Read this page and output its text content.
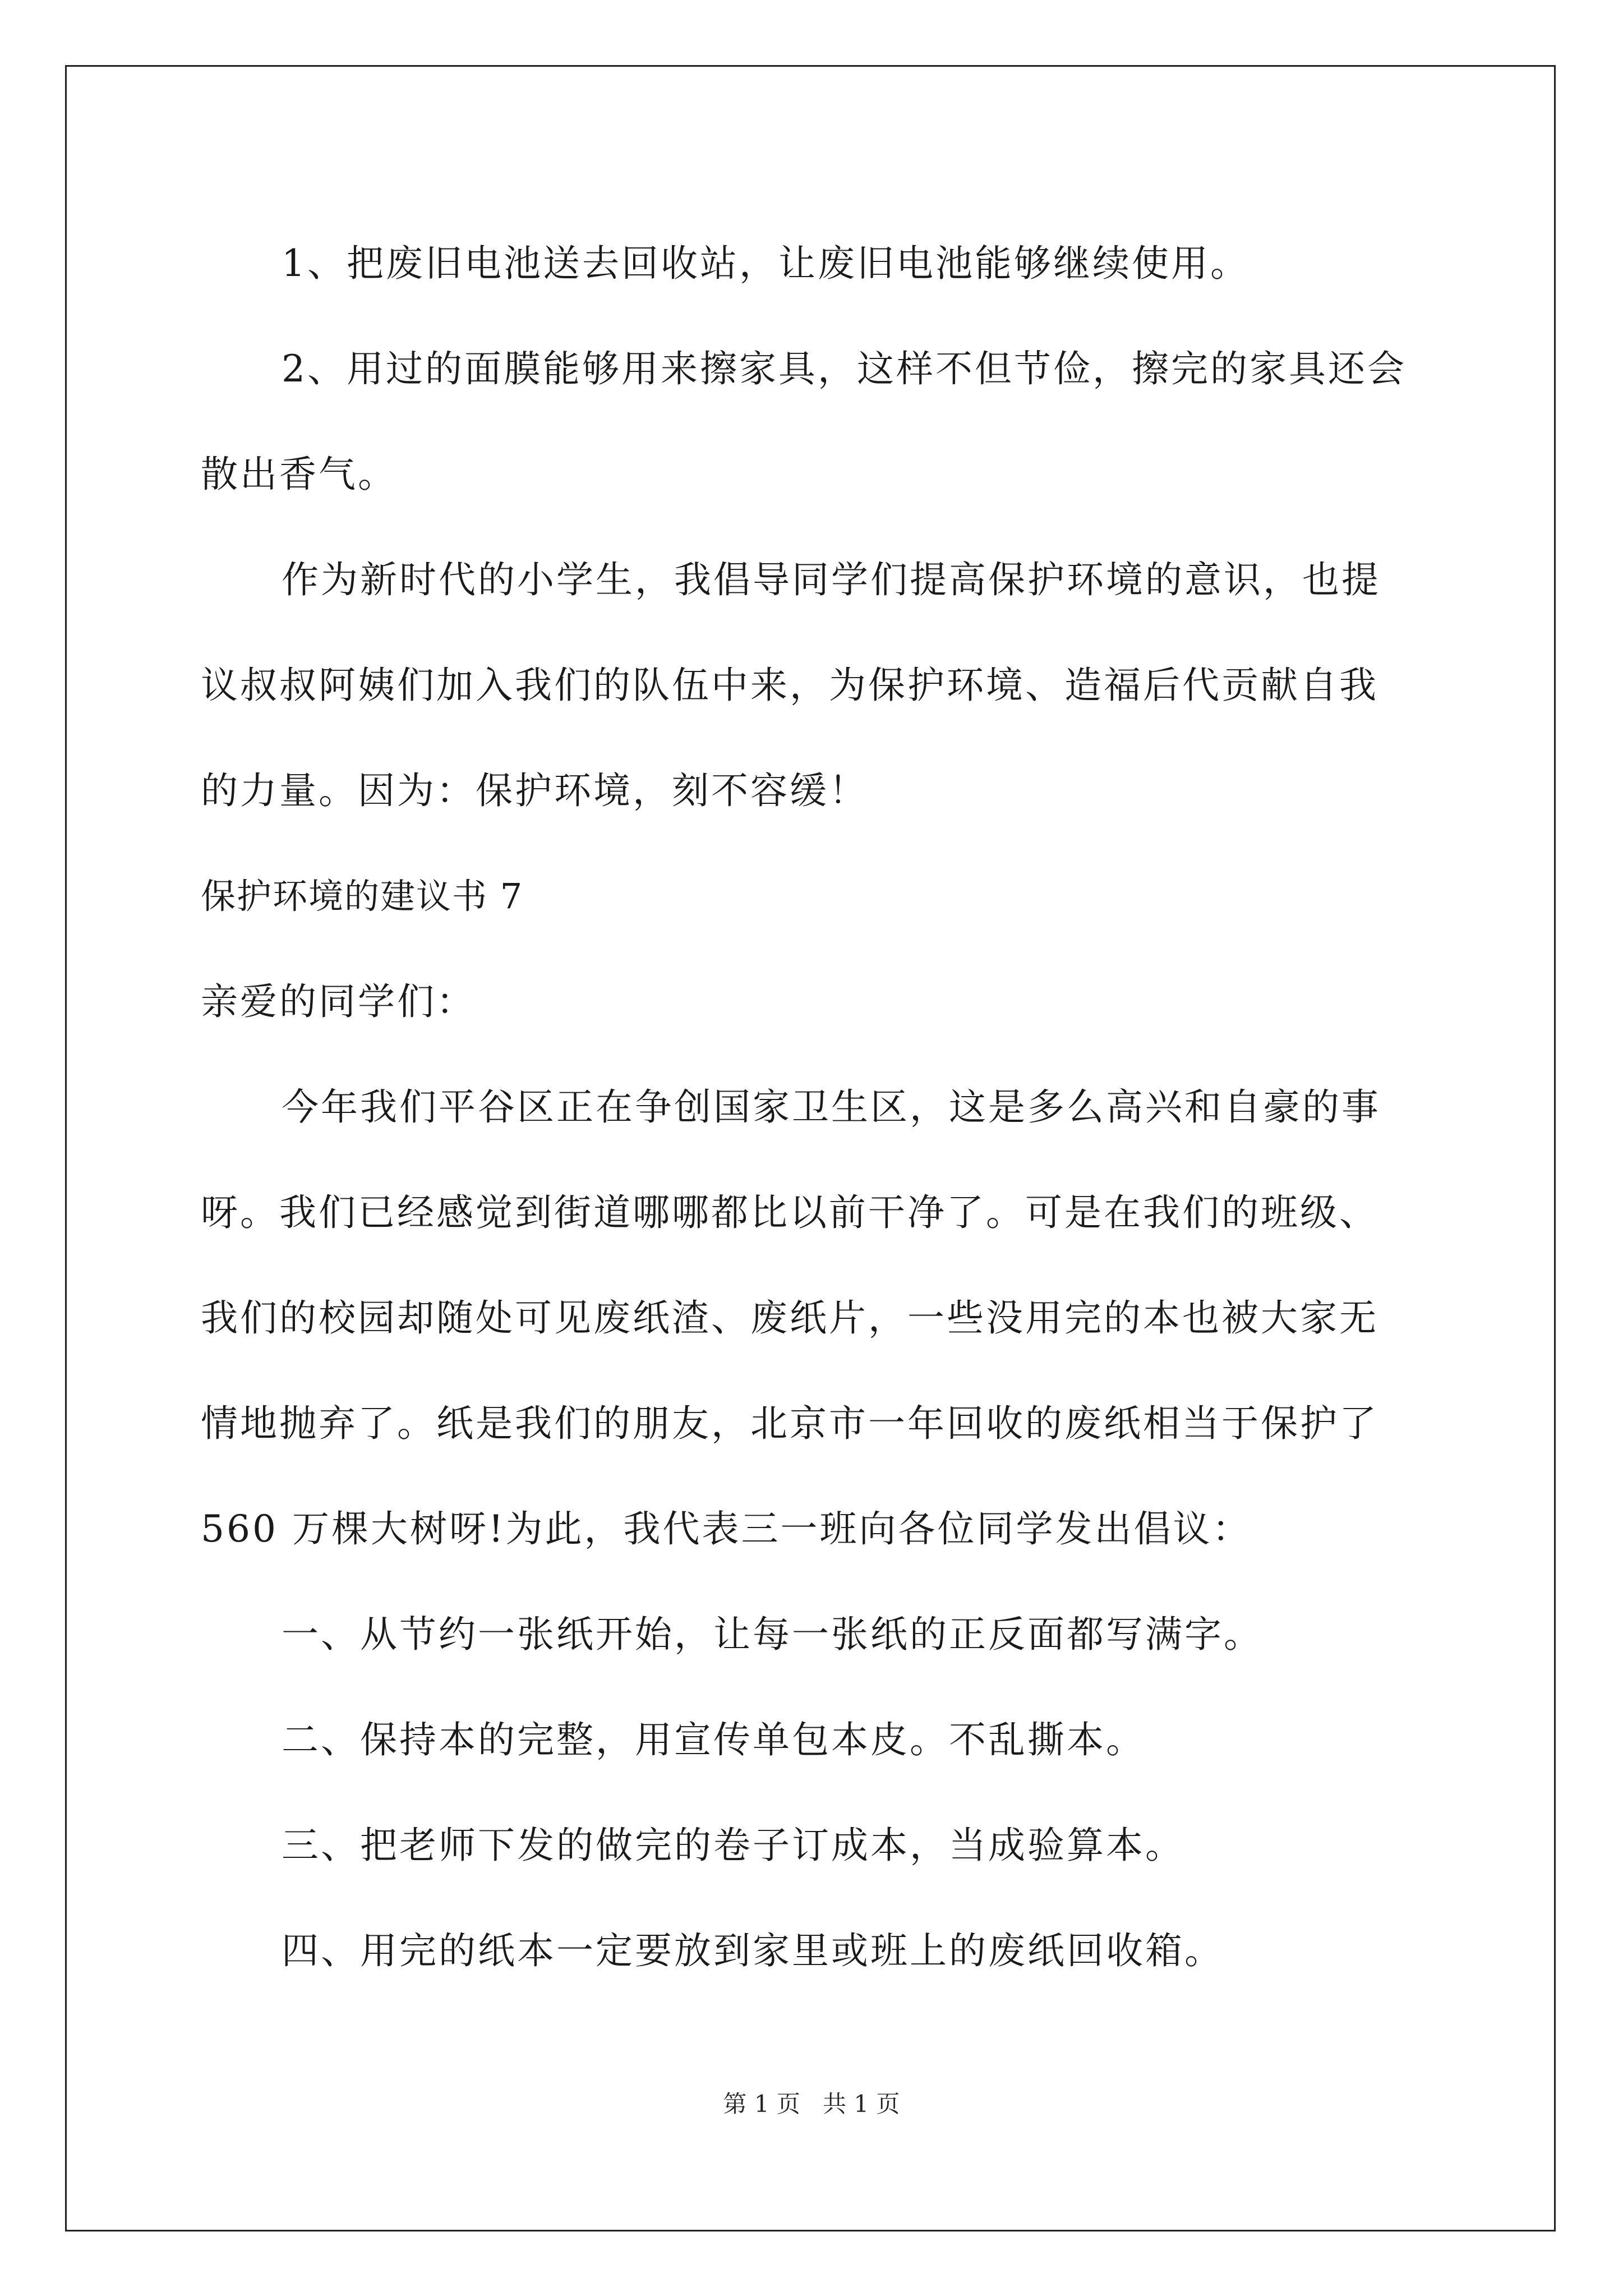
1、把废旧电池送去回收站，让废旧电池能够继续使用。
2、用过的面膜能够用来擦家具，这样不但节俭，擦完的家具还会
散出香气。
作为新时代的小学生，我倡导同学们提高保护环境的意识，也提
议叔叔阿姨们加入我们的队伍中来，为保护环境、造福后代贡献自我
的力量。因为：保护环境，刻不容缓！
保护环境的建议书 7
亲爱的同学们：
今年我们平谷区正在争创国家卫生区，这是多么高兴和自豪的事
呀。我们已经感觉到街道哪哪都比以前干净了。可是在我们的班级、
我们的校园却随处可见废纸渣、废纸片，一些没用完的本也被大家无
情地抛弃了。纸是我们的朋友，北京市一年回收的废纸相当于保护了
560 万棵大树呀!为此，我代表三一班向各位同学发出倡议：
一、从节约一张纸开始，让每一张纸的正反面都写满字。
二、保持本的完整，用宣传单包本皮。不乱撕本。
三、把老师下发的做完的卷子订成本，当成验算本。
四、用完的纸本一定要放到家里或班上的废纸回收箱。
第 1 页   共 1 页
